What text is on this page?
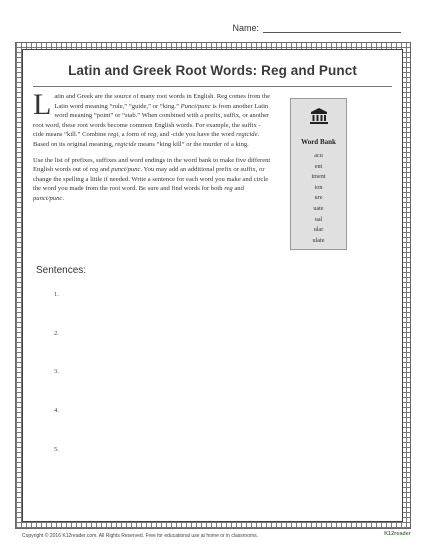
Name:
Latin and Greek Root Words: Reg and Punct

Latin and Greek are the source of many root words in English. Reg comes from the Latin word meaning “rule,” “guide,” or “king.” Punct/punc is from another Latin word meaning “point” or “stab.” When combined with a prefix, suffix, or another root word, these root words become common English words. For example, the suffix -cide means “kill.” Combine regi, a form of reg, and -cide you have the word regicide. Based on its original meaning, regicide means “king kill” or the murder of a king.

Use the list of prefixes, suffixes and word endings in the word bank to make five different English words out of reg and punct/punc. You may add an additional prefix or suffix, or change the spelling a little if needed. Write a sentence for each word you make and circle the word you made from the root word. Be sure and find words for both reg and punct/punc.

Word Bank
acu
ent
iment
ion
ure
uate
ual
ular
ulate
Sentences:
1.
2.
3.
4.
5.
Copyright © 2016 K12reader.com. All Rights Reserved. Free for educational use at home or in classrooms.	K12reader
